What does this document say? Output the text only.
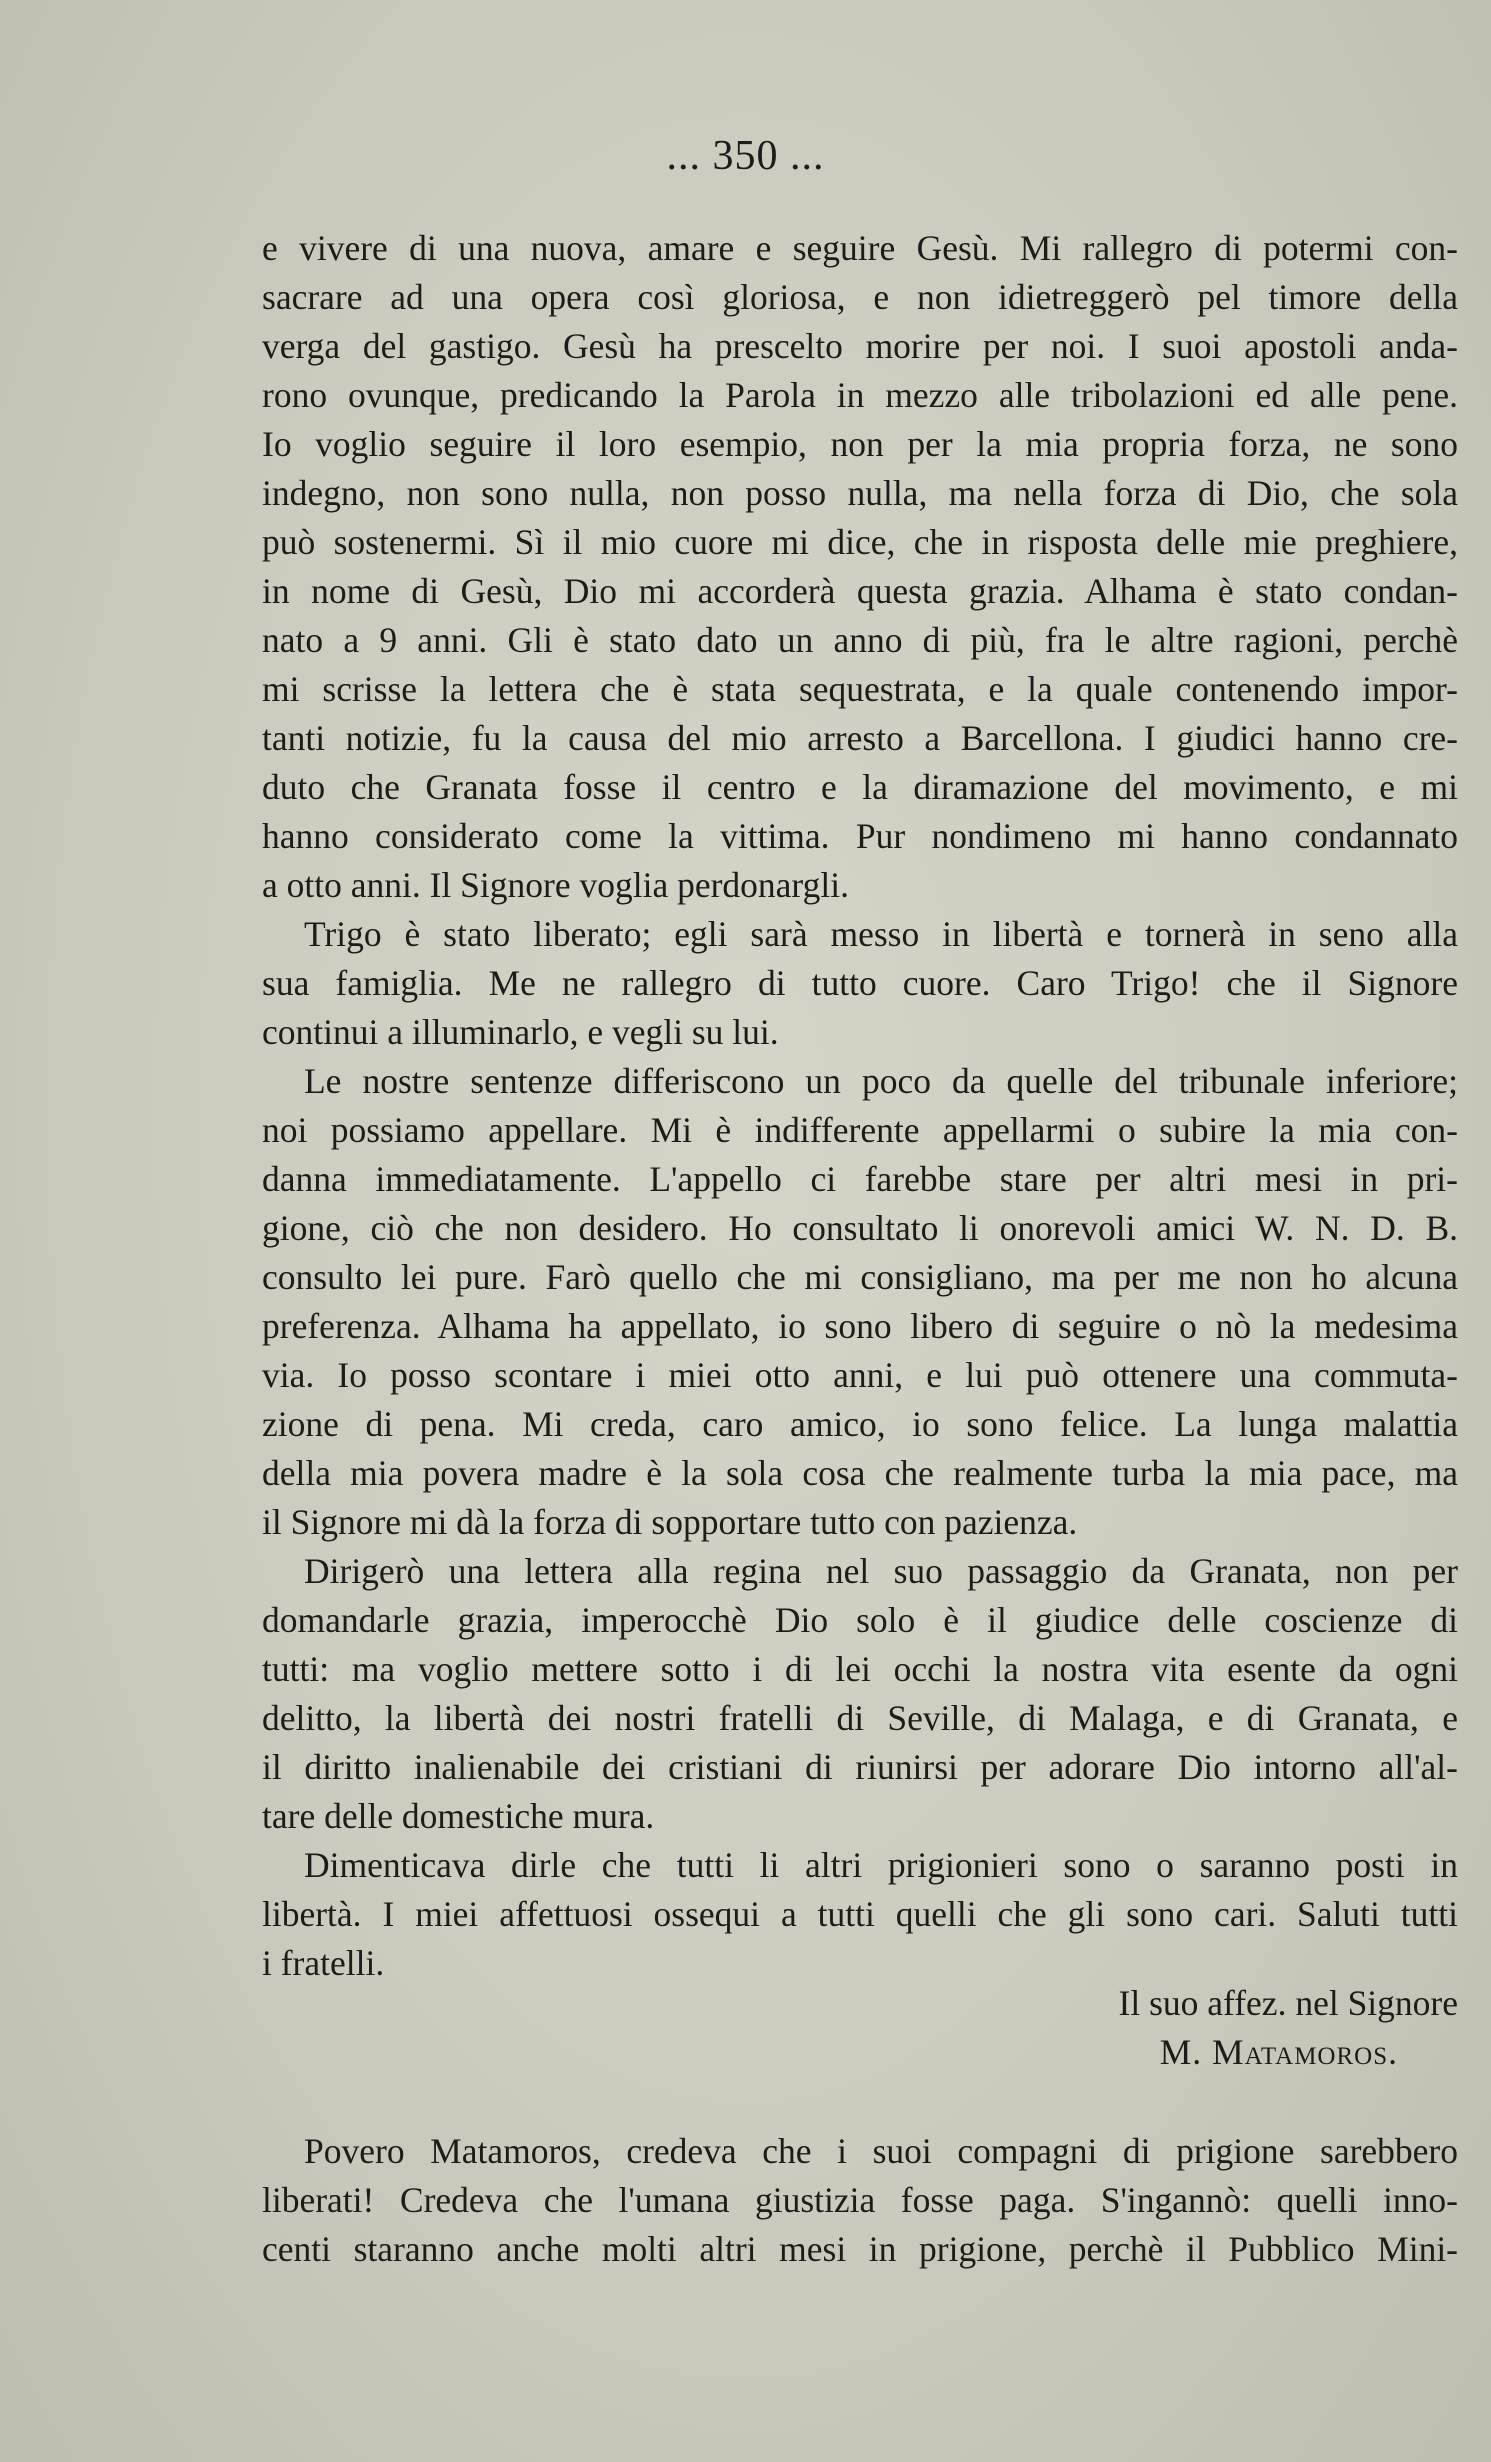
... 350 ...
e vivere di una nuova, amare e seguire Gesù. Mi rallegro di potermi con-
sacrare ad una opera così gloriosa, e non idietreggerò pel timore della
verga del gastigo. Gesù ha prescelto morire per noi. I suoi apostoli anda-
rono ovunque, predicando la Parola in mezzo alle tribolazioni ed alle pene.
Io voglio seguire il loro esempio, non per la mia propria forza, ne sono
indegno, non sono nulla, non posso nulla, ma nella forza di Dio, che sola
può sostenermi. Sì il mio cuore mi dice, che in risposta delle mie preghiere,
in nome di Gesù, Dio mi accorderà questa grazia. Alhama è stato condan-
nato a 9 anni. Gli è stato dato un anno di più, fra le altre ragioni, perchè
mi scrisse la lettera che è stata sequestrata, e la quale contenendo impor-
tanti notizie, fu la causa del mio arresto a Barcellona. I giudici hanno cre-
duto che Granata fosse il centro e la diramazione del movimento, e mi
hanno considerato come la vittima. Pur nondimeno mi hanno condannato
a otto anni. Il Signore voglia perdonargli.
Trigo è stato liberato; egli sarà messo in libertà e tornerà in seno alla
sua famiglia. Me ne rallegro di tutto cuore. Caro Trigo! che il Signore
continui a illuminarlo, e vegli su lui.
Le nostre sentenze differiscono un poco da quelle del tribunale inferiore;
noi possiamo appellare. Mi è indifferente appellarmi o subire la mia con-
danna immediatamente. L'appello ci farebbe stare per altri mesi in pri-
gione, ciò che non desidero. Ho consultato li onorevoli amici W. N. D. B.
consulto lei pure. Farò quello che mi consigliano, ma per me non ho alcuna
preferenza. Alhama ha appellato, io sono libero di seguire o nò la medesima
via. Io posso scontare i miei otto anni, e lui può ottenere una commuta-
zione di pena. Mi creda, caro amico, io sono felice. La lunga malattia
della mia povera madre è la sola cosa che realmente turba la mia pace, ma
il Signore mi dà la forza di sopportare tutto con pazienza.
Dirigerò una lettera alla regina nel suo passaggio da Granata, non per
domandarle grazia, imperocchè Dio solo è il giudice delle coscienze di
tutti: ma voglio mettere sotto i di lei occhi la nostra vita esente da ogni
delitto, la libertà dei nostri fratelli di Seville, di Malaga, e di Granata, e
il diritto inalienabile dei cristiani di riunirsi per adorare Dio intorno all'al-
tare delle domestiche mura.
Dimenticava dirle che tutti li altri prigionieri sono o saranno posti in
libertà. I miei affettuosi ossequi a tutti quelli che gli sono cari. Saluti tutti
i fratelli.
Il suo affez. nel Signore
M. Matamoros.
Povero Matamoros, credeva che i suoi compagni di prigione sarebbero
liberati! Credeva che l'umana giustizia fosse paga. S'ingannò: quelli inno-
centi staranno anche molti altri mesi in prigione, perchè il Pubblico Mini-
